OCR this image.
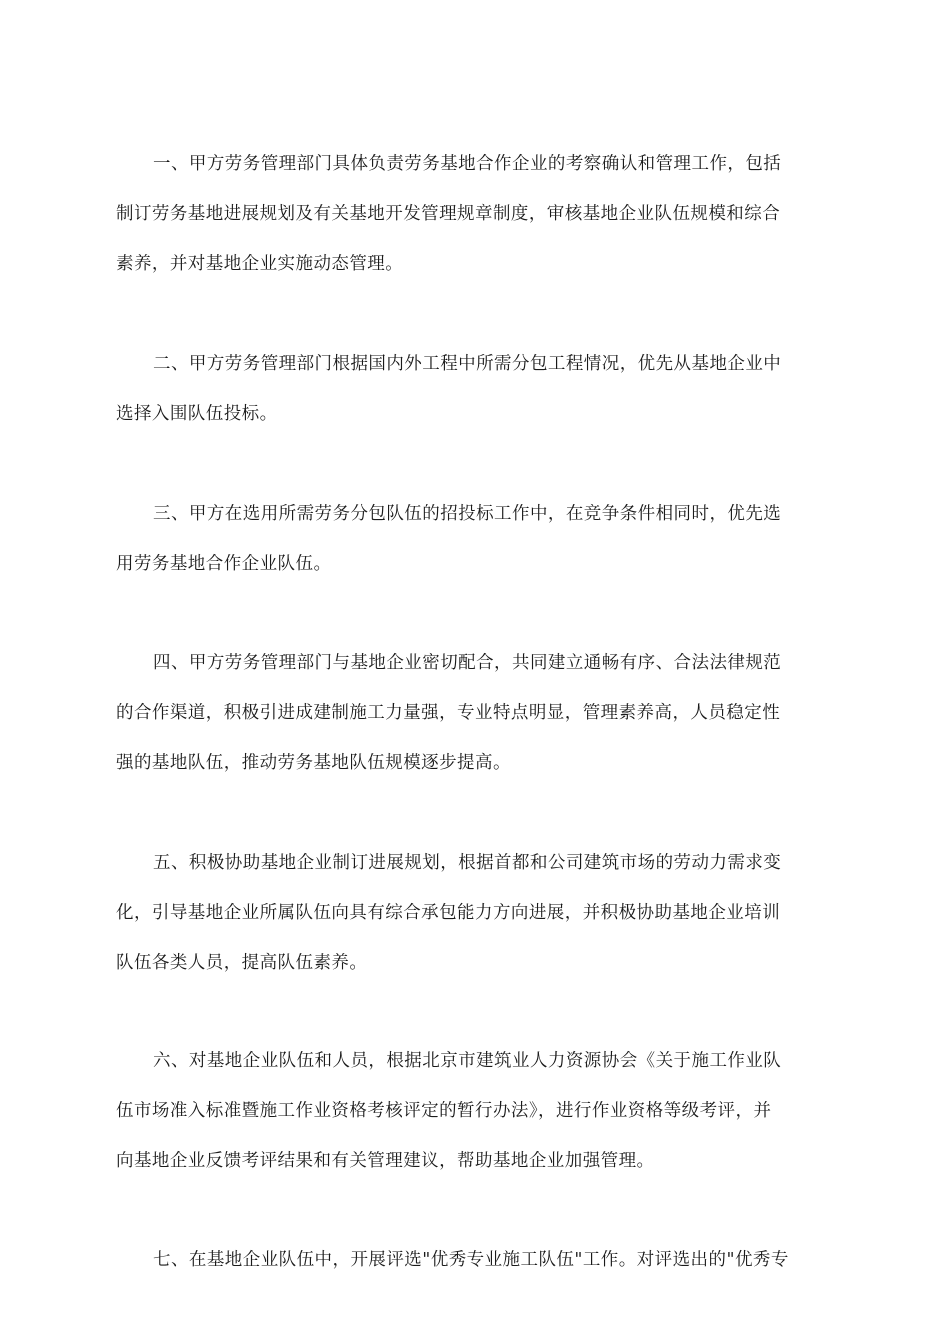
一、甲方劳务管理部门具体负责劳务基地合作企业的考察确认和管理工作，包括
制订劳务基地进展规划及有关基地开发管理规章制度，审核基地企业队伍规模和综合
素养，并对基地企业实施动态管理。
二、甲方劳务管理部门根据国内外工程中所需分包工程情况，优先从基地企业中
选择入围队伍投标。
三、甲方在选用所需劳务分包队伍的招投标工作中，在竞争条件相同时，优先选
用劳务基地合作企业队伍。
四、甲方劳务管理部门与基地企业密切配合，共同建立通畅有序、合法法律规范
的合作渠道，积极引进成建制施工力量强，专业特点明显，管理素养高，人员稳定性
强的基地队伍，推动劳务基地队伍规模逐步提高。
五、积极协助基地企业制订进展规划，根据首都和公司建筑市场的劳动力需求变
化，引导基地企业所属队伍向具有综合承包能力方向进展，并积极协助基地企业培训
队伍各类人员，提高队伍素养。
六、对基地企业队伍和人员，根据北京市建筑业人力资源协会《关于施工作业队
伍市场准入标准暨施工作业资格考核评定的暂行办法》，进行作业资格等级考评，并
向基地企业反馈考评结果和有关管理建议，帮助基地企业加强管理。
七、在基地企业队伍中，开展评选"优秀专业施工队伍"工作。对评选出的"优秀专
